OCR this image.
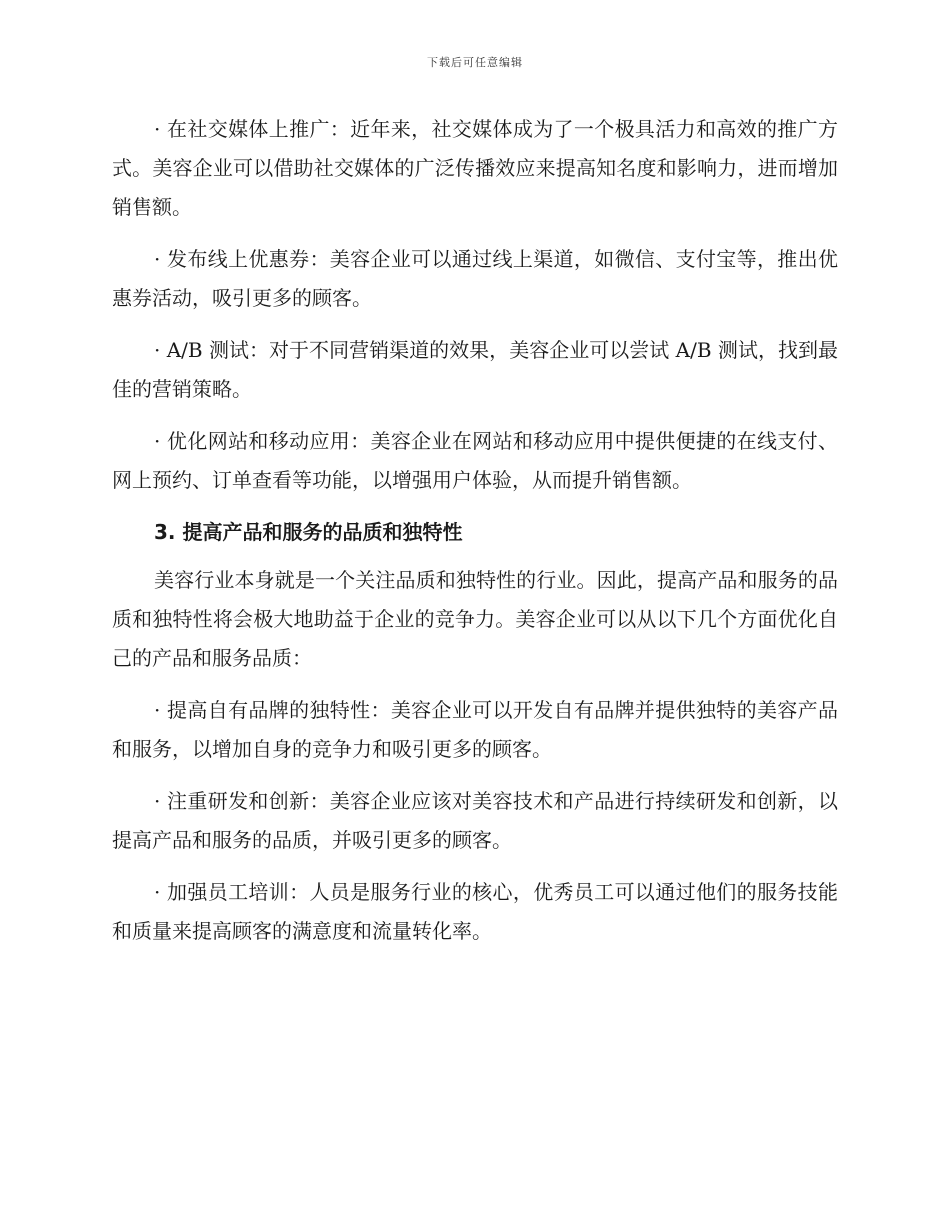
下载后可任意编辑

· 在社交媒体上推广：近年来，社交媒体成为了一个极具活力和高效的推广方式。美容企业可以借助社交媒体的广泛传播效应来提高知名度和影响力，进而增加销售额。

· 发布线上优惠券：美容企业可以通过线上渠道，如微信、支付宝等，推出优惠券活动，吸引更多的顾客。

· A/B 测试：对于不同营销渠道的效果，美容企业可以尝试 A/B 测试，找到最佳的营销策略。

· 优化网站和移动应用：美容企业在网站和移动应用中提供便捷的在线支付、网上预约、订单查看等功能，以增强用户体验，从而提升销售额。

3. 提高产品和服务的品质和独特性

美容行业本身就是一个关注品质和独特性的行业。因此，提高产品和服务的品质和独特性将会极大地助益于企业的竞争力。美容企业可以从以下几个方面优化自己的产品和服务品质：

· 提高自有品牌的独特性：美容企业可以开发自有品牌并提供独特的美容产品和服务，以增加自身的竞争力和吸引更多的顾客。

· 注重研发和创新：美容企业应该对美容技术和产品进行持续研发和创新，以提高产品和服务的品质，并吸引更多的顾客。

· 加强员工培训：人员是服务行业的核心，优秀员工可以通过他们的服务技能和质量来提高顾客的满意度和流量转化率。
